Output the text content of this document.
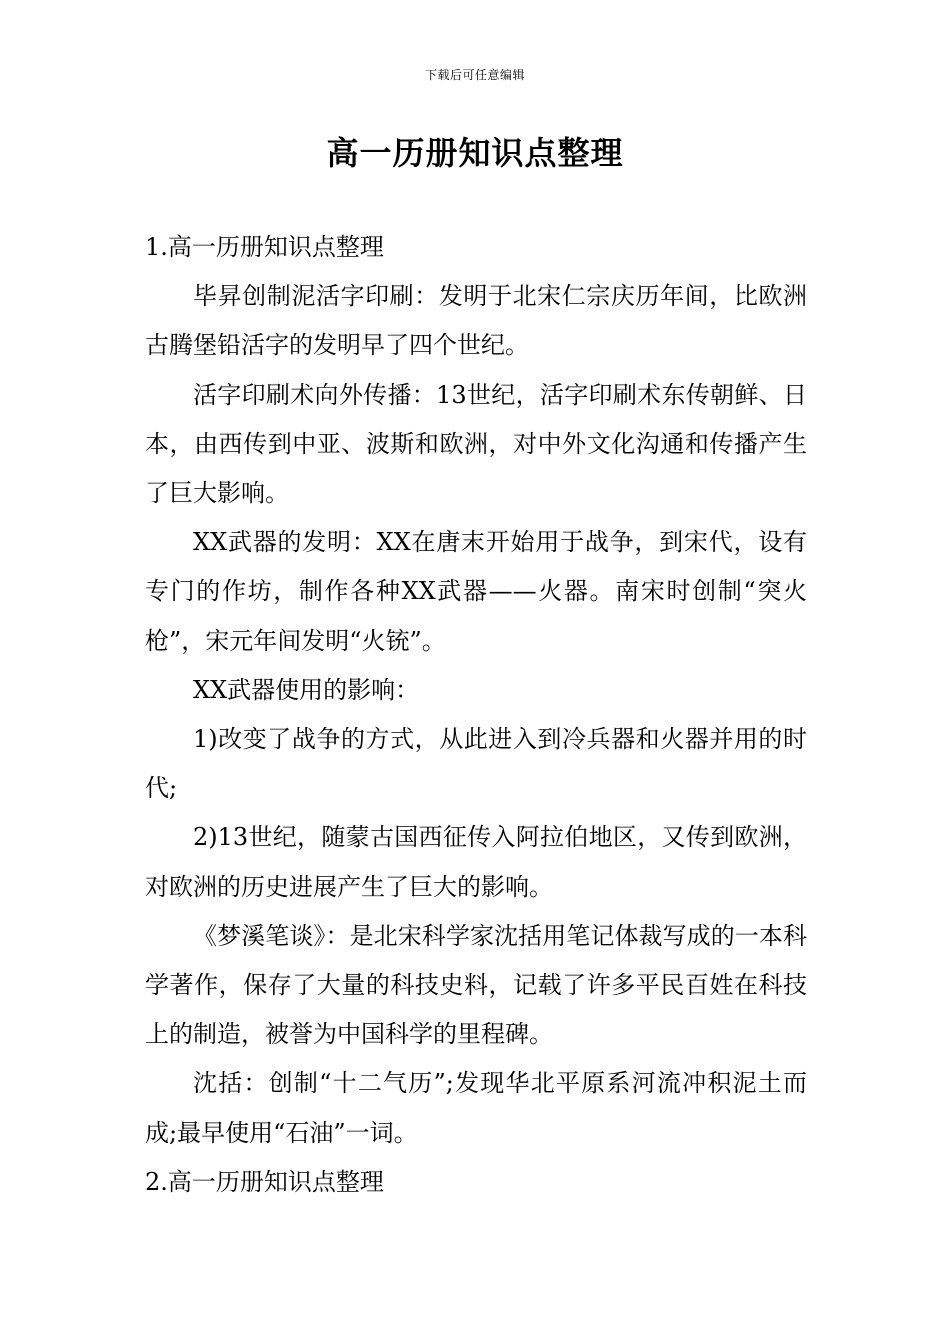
下载后可任意编辑
高一历册知识点整理

1.高一历册知识点整理

毕昇创制泥活字印刷：发明于北宋仁宗庆历年间，比欧洲古腾堡铅活字的发明早了四个世纪。

活字印刷术向外传播：13世纪，活字印刷术东传朝鲜、日本，由西传到中亚、波斯和欧洲，对中外文化沟通和传播产生了巨大影响。

XX武器的发明：XX在唐末开始用于战争，到宋代，设有专门的作坊，制作各种XX武器——火器。南宋时创制“突火枪”，宋元年间发明“火铳”。

XX武器使用的影响：

1)改变了战争的方式，从此进入到冷兵器和火器并用的时代;

2)13世纪，随蒙古国西征传入阿拉伯地区，又传到欧洲，对欧洲的历史进展产生了巨大的影响。

《梦溪笔谈》：是北宋科学家沈括用笔记体裁写成的一本科学著作，保存了大量的科技史料，记载了许多平民百姓在科技上的制造，被誉为中国科学的里程碑。

沈括：创制“十二气历”;发现华北平原系河流冲积泥土而成;最早使用“石油”一词。

2.高一历册知识点整理
